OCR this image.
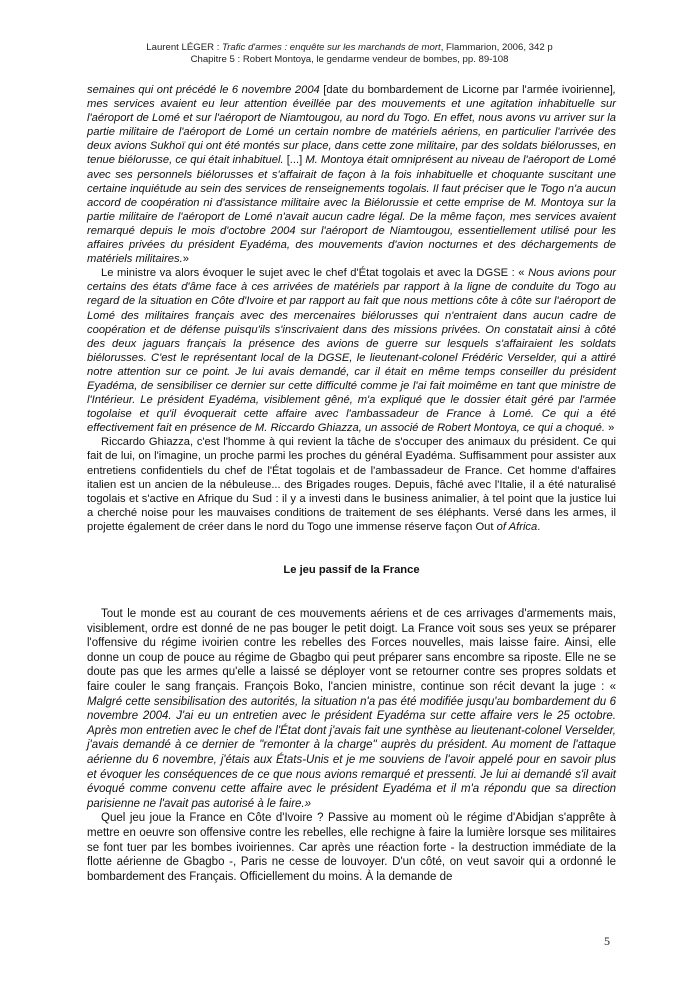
Laurent LÉGER : Trafic d'armes : enquête sur les marchands de mort, Flammarion, 2006, 342 p
Chapitre 5 : Robert Montoya, le gendarme vendeur de bombes, pp. 89-108

semaines qui ont précédé le 6 novembre 2004 [date du bombardement de Licorne par l'armée ivoirienne], mes services avaient eu leur attention éveillée par des mouvements et une agitation inhabituelle sur l'aéroport de Lomé et sur l'aéroport de Niamtougou, au nord du Togo. En effet, nous avons vu arriver sur la partie militaire de l'aéroport de Lomé un certain nombre de matériels aériens, en particulier l'arrivée des deux avions Sukhoï qui ont été montés sur place, dans cette zone militaire, par des soldats biélorusses, en tenue biélorusse, ce qui était inhabituel. [...] M. Montoya était omniprésent au niveau de l'aéroport de Lomé avec ses personnels biélorusses et s'affairait de façon à la fois inhabituelle et choquante suscitant une certaine inquiétude au sein des services de renseignements togolais. Il faut préciser que le Togo n'a aucun accord de coopération ni d'assistance militaire avec la Biélorussie et cette emprise de M. Montoya sur la partie militaire de l'aéroport de Lomé n'avait aucun cadre légal. De la même façon, mes services avaient remarqué depuis le mois d'octobre 2004 sur l'aéroport de Niamtougou, essentiellement utilisé pour les affaires privées du président Eyadéma, des mouvements d'avion nocturnes et des déchargements de matériels militaires.»

Le ministre va alors évoquer le sujet avec le chef d'État togolais et avec la DGSE : « Nous avions pour certains des états d'âme face à ces arrivées de matériels par rapport à la ligne de conduite du Togo au regard de la situation en Côte d'Ivoire et par rapport au fait que nous mettions côte à côte sur l'aéroport de Lomé des militaires français avec des mercenaires biélorusses qui n'entraient dans aucun cadre de coopération et de défense puisqu'ils s'inscrivaient dans des missions privées. On constatait ainsi à côté des deux jaguars français la présence des avions de guerre sur lesquels s'affairaient les soldats biélorusses. C'est le représentant local de la DGSE, le lieutenant-colonel Frédéric Verselder, qui a attiré notre attention sur ce point. Je lui avais demandé, car il était en même temps conseiller du président Eyadéma, de sensibiliser ce dernier sur cette difficulté comme je l'ai fait moimême en tant que ministre de l'Intérieur. Le président Eyadéma, visiblement gêné, m'a expliqué que le dossier était géré par l'armée togolaise et qu'il évoquerait cette affaire avec l'ambassadeur de France à Lomé. Ce qui a été effectivement fait en présence de M. Riccardo Ghiazza, un associé de Robert Montoya, ce qui a choqué. »

Riccardo Ghiazza, c'est l'homme à qui revient la tâche de s'occuper des animaux du président. Ce qui fait de lui, on l'imagine, un proche parmi les proches du général Eyadéma. Suffisamment pour assister aux entretiens confidentiels du chef de l'État togolais et de l'ambassadeur de France. Cet homme d'affaires italien est un ancien de la nébuleuse... des Brigades rouges. Depuis, fâché avec l'Italie, il a été naturalisé togolais et s'active en Afrique du Sud : il y a investi dans le business animalier, à tel point que la justice lui a cherché noise pour les mauvaises conditions de traitement de ses éléphants. Versé dans les armes, il projette également de créer dans le nord du Togo une immense réserve façon Out of Africa.

Le jeu passif de la France

Tout le monde est au courant de ces mouvements aériens et de ces arrivages d'armements mais, visiblement, ordre est donné de ne pas bouger le petit doigt. La France voit sous ses yeux se préparer l'offensive du régime ivoirien contre les rebelles des Forces nouvelles, mais laisse faire. Ainsi, elle donne un coup de pouce au régime de Gbagbo qui peut préparer sans encombre sa riposte. Elle ne se doute pas que les armes qu'elle a laissé se déployer vont se retourner contre ses propres soldats et faire couler le sang français. François Boko, l'ancien ministre, continue son récit devant la juge : « Malgré cette sensibilisation des autorités, la situation n'a pas été modifiée jusqu'au bombardement du 6 novembre 2004. J'ai eu un entretien avec le président Eyadéma sur cette affaire vers le 25 octobre. Après mon entretien avec le chef de l'État dont j'avais fait une synthèse au lieutenant-colonel Verselder, j'avais demandé à ce dernier de "remonter à la charge" auprès du président. Au moment de l'attaque aérienne du 6 novembre, j'étais aux États-Unis et je me souviens de l'avoir appelé pour en savoir plus et évoquer les conséquences de ce que nous avions remarqué et pressenti. Je lui ai demandé s'il avait évoqué comme convenu cette affaire avec le président Eyadéma et il m'a répondu que sa direction parisienne ne l'avait pas autorisé à le faire.»

Quel jeu joue la France en Côte d'Ivoire ? Passive au moment où le régime d'Abidjan s'apprête à mettre en oeuvre son offensive contre les rebelles, elle rechigne à faire la lumière lorsque ses militaires se font tuer par les bombes ivoiriennes. Car après une réaction forte - la destruction immédiate de la flotte aérienne de Gbagbo -, Paris ne cesse de louvoyer. D'un côté, on veut savoir qui a ordonné le bombardement des Français. Officiellement du moins. À la demande de

5
